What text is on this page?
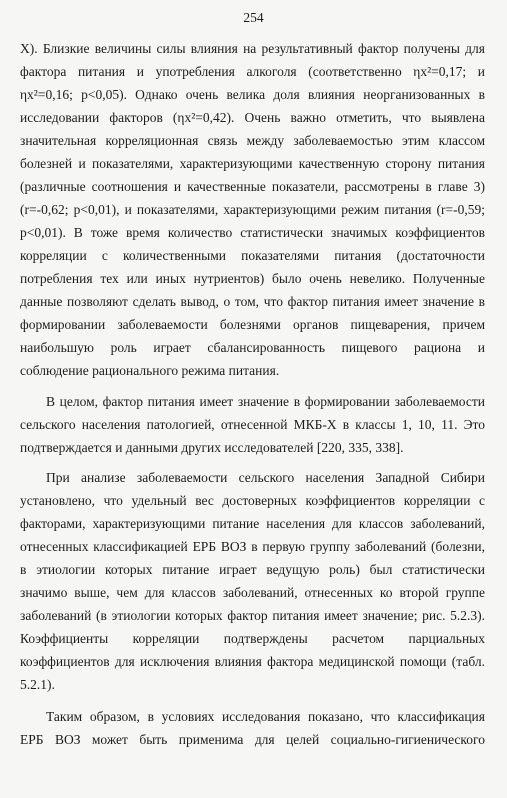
254
X). Близкие величины силы влияния на результативный фактор получены для
фактора питания и употребления алкоголя (соответственно ηx²=0,17; и
ηx²=0,16; p<0,05). Однако очень велика доля влияния неорганизованных в
исследовании факторов (ηx²=0,42). Очень важно отметить, что выявлена
значительная корреляционная связь между заболеваемостью этим классом
болезней и показателями, характеризующими качественную сторону питания
(различные соотношения и качественные показатели, рассмотрены в главе 3)
(r=-0,62; p<0,01), и показателями, характеризующими режим питания (r=-0,59;
p<0,01). В тоже время количество статистически значимых коэффициентов
корреляции с количественными показателями питания (достаточности
потребления тех или иных нутриентов) было очень невелико. Полученные
данные позволяют сделать вывод, о том, что фактор питания имеет значение в
формировании заболеваемости болезнями органов пищеварения, причем
наибольшую роль играет сбалансированность пищевого рациона и
соблюдение рационального режима питания.
В целом, фактор питания имеет значение в формировании заболеваемости
сельского населения патологией, отнесенной МКБ-X в классы 1, 10, 11. Это
подтверждается и данными других исследователей [220, 335, 338].
При анализе заболеваемости сельского населения Западной Сибири
установлено, что удельный вес достоверных коэффициентов корреляции с
факторами, характеризующими питание населения для классов заболеваний,
отнесенных классификацией ЕРБ ВОЗ в первую группу заболеваний (болезни,
в этиологии которых питание играет ведущую роль) был статистически
значимо выше, чем для классов заболеваний, отнесенных ко второй группе
заболеваний (в этиологии которых фактор питания имеет значение; рис. 5.2.3).
Коэффициенты корреляции подтверждены расчетом парциальных
коэффициентов для исключения влияния фактора медицинской помощи (табл.
5.2.1).
Таким образом, в условиях исследования показано, что классификация
ЕРБ ВОЗ может быть применима для целей социально-гигиенического
